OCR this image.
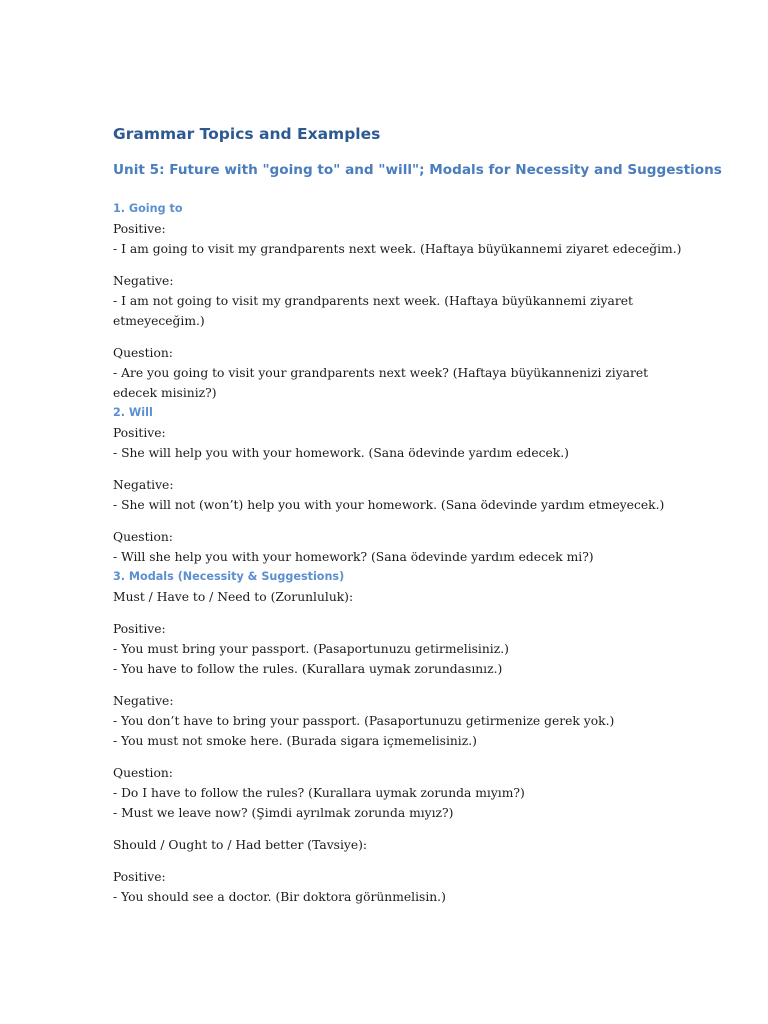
Grammar Topics and Examples
Unit 5: Future with "going to" and "will"; Modals for Necessity and Suggestions
1. Going to

Positive:

- I am going to visit my grandparents next week. (Haftaya büyükannemi ziyaret edeceğim.)

Negative:

- I am not going to visit my grandparents next week. (Haftaya büyükannemi ziyaret

etmeyeceğim.)

Question:

- Are you going to visit your grandparents next week? (Haftaya büyükannenizi ziyaret

edecek misiniz?)

2. Will

Positive:

- She will help you with your homework. (Sana ödevinde yardım edecek.)

Negative:

- She will not (won’t) help you with your homework. (Sana ödevinde yardım etmeyecek.)

Question:

- Will she help you with your homework? (Sana ödevinde yardım edecek mi?)

3. Modals (Necessity & Suggestions)

Must / Have to / Need to (Zorunluluk):

Positive:

- You must bring your passport. (Pasaportunuzu getirmelisiniz.)

- You have to follow the rules. (Kurallara uymak zorundasınız.)

Negative:

- You don’t have to bring your passport. (Pasaportunuzu getirmenize gerek yok.)

- You must not smoke here. (Burada sigara içmemelisiniz.)

Question:

- Do I have to follow the rules? (Kurallara uymak zorunda mıyım?)

- Must we leave now? (Şimdi ayrılmak zorunda mıyız?)

Should / Ought to / Had better (Tavsiye):

Positive:

- You should see a doctor. (Bir doktora görünmelisin.)
